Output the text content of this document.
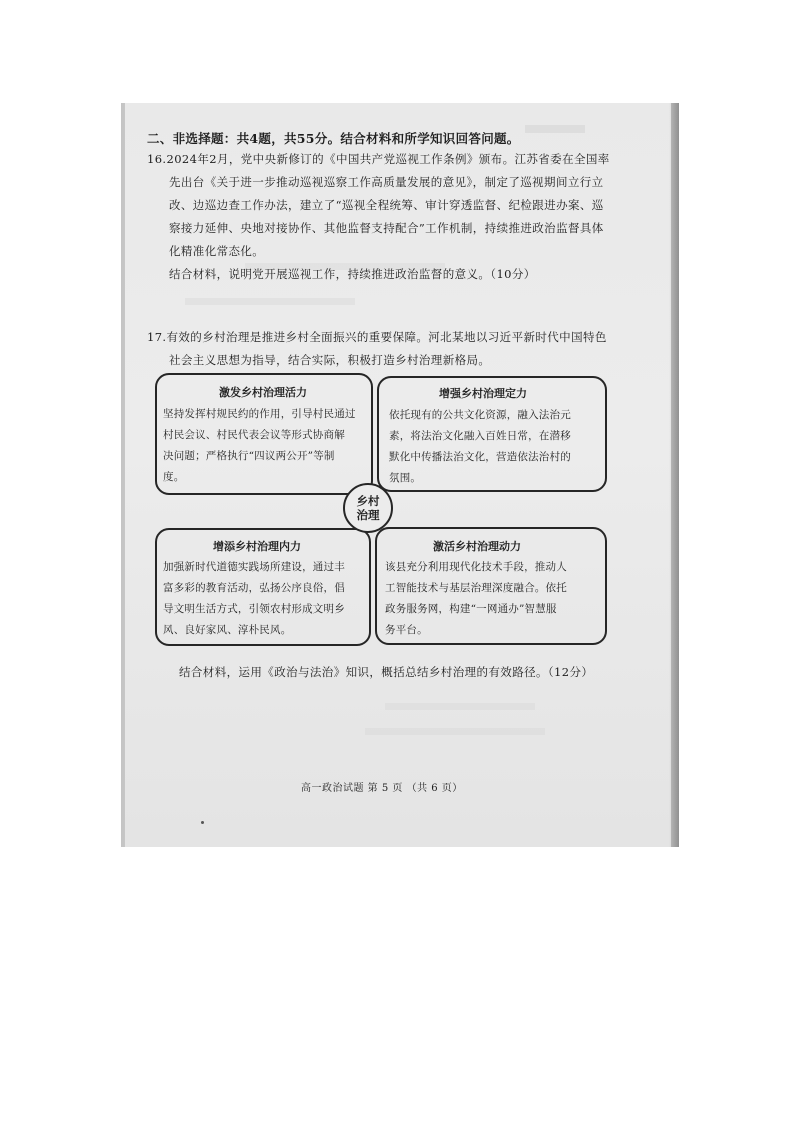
二、非选择题：共4题，共55分。结合材料和所学知识回答问题。
16.2024年2月，党中央新修订的《中国共产党巡视工作条例》颁布。江苏省委在全国率
先出台《关于进一步推动巡视巡察工作高质量发展的意见》，制定了巡视期间立行立
改、边巡边查工作办法，建立了“巡视全程统筹、审计穿透监督、纪检跟进办案、巡
察接力延伸、央地对接协作、其他监督支持配合”工作机制，持续推进政治监督具体
化精准化常态化。
结合材料，说明党开展巡视工作，持续推进政治监督的意义。（10分）
17.有效的乡村治理是推进乡村全面振兴的重要保障。河北某地以习近平新时代中国特色
社会主义思想为指导，结合实际，积极打造乡村治理新格局。
激发乡村治理活力
坚持发挥村规民约的作用，引导村民通过
村民会议、村民代表会议等形式协商解
决问题；严格执行“四议两公开”等制
度。
增强乡村治理定力
依托现有的公共文化资源，融入法治元
素，将法治文化融入百姓日常，在潜移
默化中传播法治文化，营造依法治村的
氛围。
增添乡村治理内力
加强新时代道德实践场所建设，通过丰
富多彩的教育活动，弘扬公序良俗，倡
导文明生活方式，引领农村形成文明乡
风、良好家风、淳朴民风。
激活乡村治理动力
该县充分利用现代化技术手段，推动人
工智能技术与基层治理深度融合。依托
政务服务网，构建“一网通办”智慧服
务平台。
乡村
治理
结合材料，运用《政治与法治》知识，概括总结乡村治理的有效路径。（12分）
高一政治试题 第 5 页 （共 6 页）
